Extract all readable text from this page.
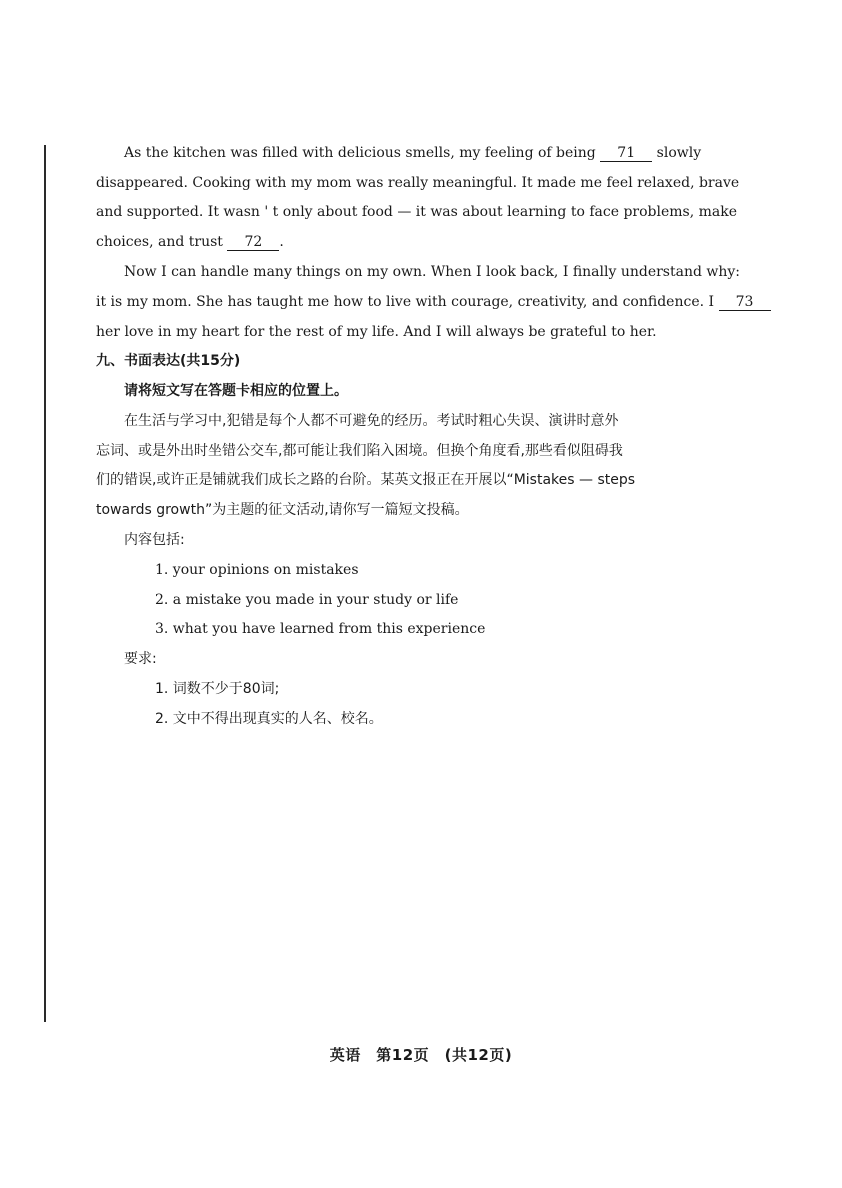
As the kitchen was filled with delicious smells, my feeling of being 71 slowly
disappeared. Cooking with my mom was really meaningful. It made me feel relaxed, brave
and supported. It wasn ' t only about food — it was about learning to face problems, make
choices, and trust 72 .
Now I can handle many things on my own. When I look back, I finally understand why:
it is my mom. She has taught me how to live with courage, creativity, and confidence. I 73
her love in my heart for the rest of my life. And I will always be grateful to her.
九、书面表达(共15分)
请将短文写在答题卡相应的位置上。
在生活与学习中,犯错是每个人都不可避免的经历。考试时粗心失误、演讲时意外
忘词、或是外出时坐错公交车,都可能让我们陷入困境。但换个角度看,那些看似阻碍我
们的错误,或许正是铺就我们成长之路的台阶。某英文报正在开展以“Mistakes — steps
towards growth”为主题的征文活动,请你写一篇短文投稿。
内容包括:
1. your opinions on mistakes
2. a mistake you made in your study or life
3. what you have learned from this experience
要求:
1. 词数不少于80词;
2. 文中不得出现真实的人名、校名。
英语　第12页　(共12页)
